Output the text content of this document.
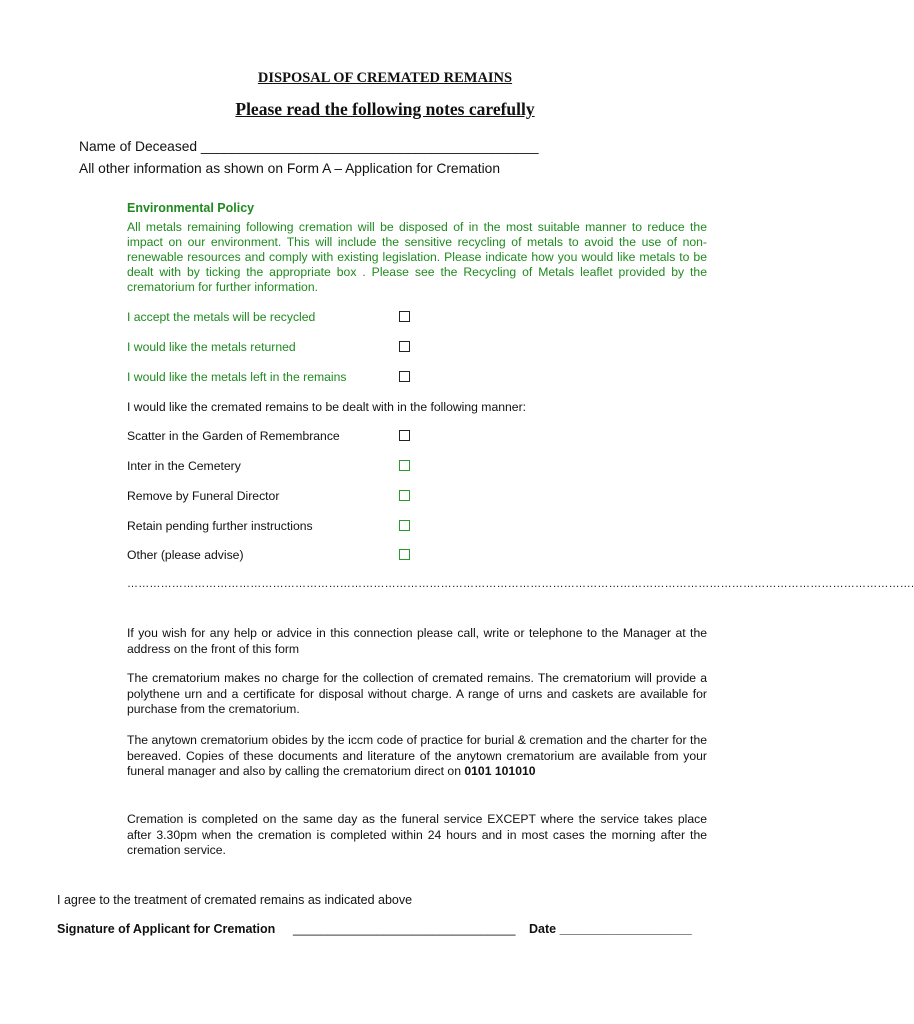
DISPOSAL OF CREMATED REMAINS
Please read the following notes carefully
Name of Deceased ____________________________________________
All other information as shown on Form A – Application for Cremation
Environmental Policy
All metals remaining following cremation will be disposed of in the most suitable manner to reduce the impact on our environment. This will include the sensitive recycling of metals to avoid the use of non-renewable resources and comply with existing legislation. Please indicate how you would like metals to be dealt with by ticking the appropriate box . Please see the Recycling of Metals leaflet provided by the crematorium for further information.
I accept the metals will be recycled
I would like the metals returned
I would like the metals left in the remains
I would like the cremated remains to be dealt with in the following manner:
Scatter in the Garden of Remembrance
Inter in the Cemetery
Remove by Funeral Director
Retain pending further instructions
Other (please advise)
………………………………………………………………………………………………………………………………………………………………………………………….
If you wish for any help or advice in this connection please call, write or telephone to the Manager at the address on the front of this form
The crematorium makes no charge for the collection of cremated remains. The crematorium will provide a polythene urn and a certificate for disposal without charge. A range of urns and caskets are available for purchase from the crematorium.
The anytown crematorium obides by the iccm code of practice for burial & cremation and the charter for the bereaved. Copies of these documents and literature of the anytown crematorium are available from your funeral manager and also by calling the crematorium direct on 0101 101010
Cremation is completed on the same day as the funeral service EXCEPT where the service takes place after 3.30pm when the cremation is completed within 24 hours and in most cases the morning after the cremation service.
I agree to the treatment of cremated remains as indicated above
Signature of Applicant for Cremation ________________________________ Date ___________________
